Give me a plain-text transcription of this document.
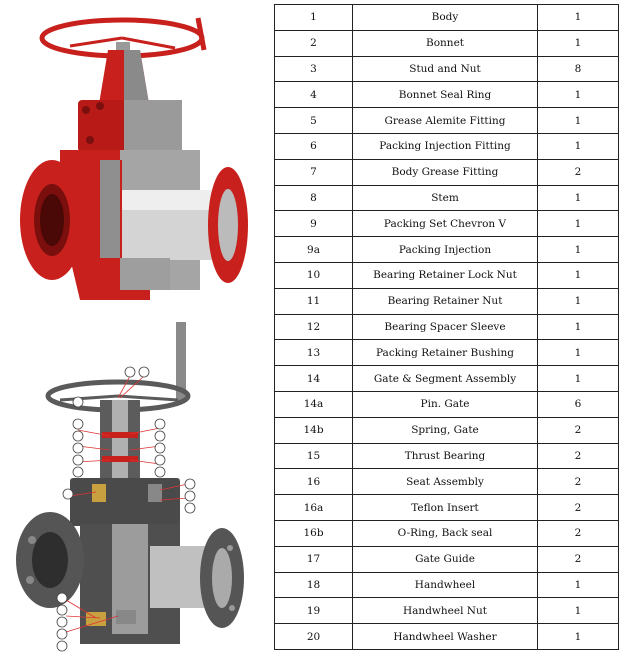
1	Body	1
2	Bonnet	1
3	Stud and Nut	8
4	Bonnet Seal Ring	1
5	Grease Alemite Fitting	1
6	Packing Injection Fitting	1
7	Body Grease Fitting	2
8	Stem	1
9	Packing Set Chevron V	1
9a	Packing Injection	1
10	Bearing Retainer Lock Nut	1
11	Bearing Retainer Nut	1
12	Bearing Spacer Sleeve	1
13	Packing Retainer Bushing	1
14	Gate & Segment Assembly	1
14a	Pin. Gate	6
14b	Spring, Gate	2
15	Thrust Bearing	2
16	Seat Assembly	2
16a	Teflon Insert	2
16b	O-Ring, Back seal	2
17	Gate Guide	2
18	Handwheel	1
19	Handwheel Nut	1
20	Handwheel Washer	1
